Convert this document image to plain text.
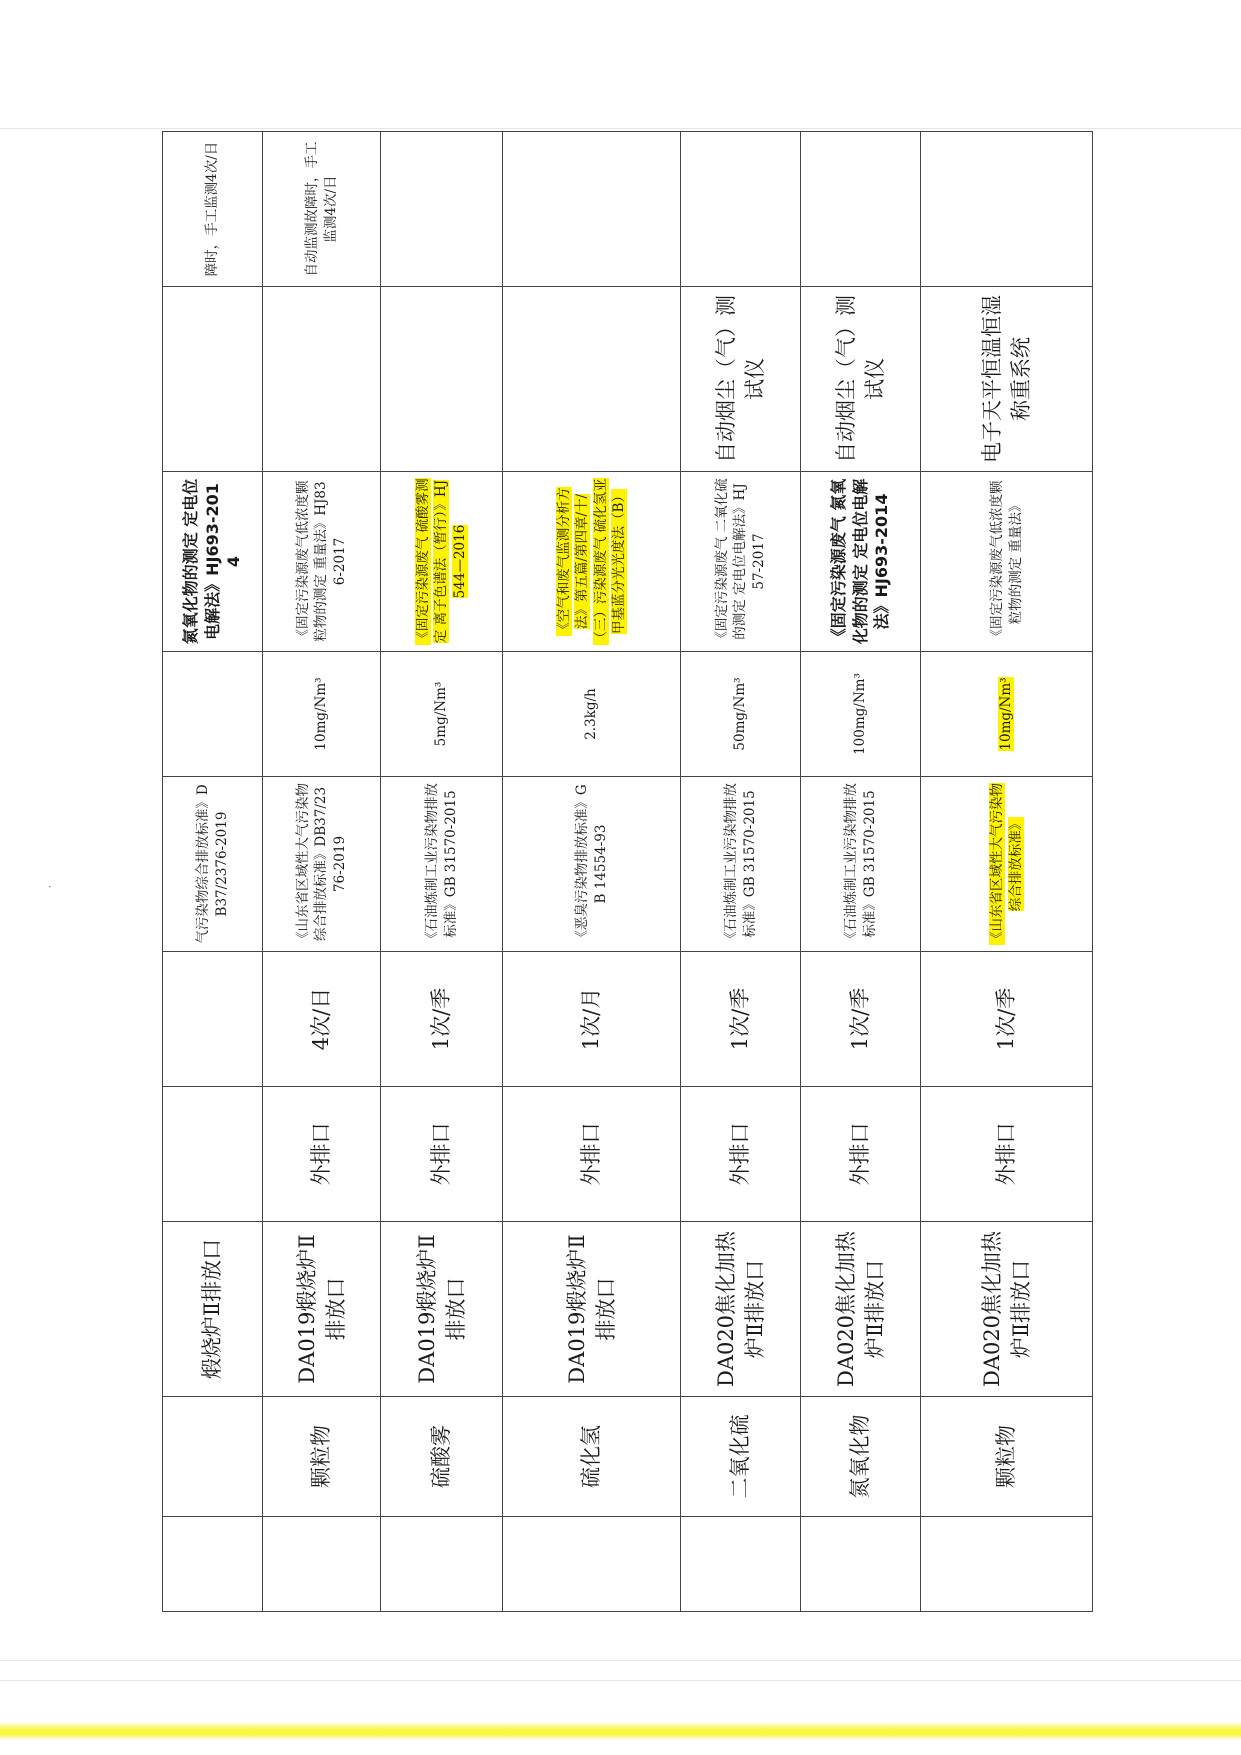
·
		煅烧炉Ⅱ排放口			气污染物综合排放标准》DB37/2376-2019		氮氧化物的测定 定电位电解法》HJ693-2014		障时，手工监测4次/日
	颗粒物	DA019煅烧炉Ⅱ排放口	外排口	4次/日	《山东省区域性大气污染物综合排放标准》DB37/2376-2019	10mg/Nm³	《固定污染源废气低浓度颗粒物的测定 重量法》HJ836-2017		自动监测故障时，手工监测4次/日
	硫酸雾	DA019煅烧炉Ⅱ排放口	外排口	1次/季	《石油炼制工业污染物排放标准》GB 31570-2015	5mg/Nm³	《固定污染源废气 硫酸雾测定 离子色谱法（暂行）》HJ 544—2016		
	硫化氢	DA019煅烧炉Ⅱ排放口	外排口	1次/月	《恶臭污染物排放标准》GB 14554-93	2.3kg/h	《空气和废气监测分析方法》第五篇/第四章/十/（三）污染源废气 硫化氢亚甲基蓝分光光度法（B）		
	二氧化硫	DA020焦化加热炉Ⅱ排放口	外排口	1次/季	《石油炼制工业污染物排放标准》GB 31570-2015	50mg/Nm³	《固定污染源废气 二氧化硫的测定 定电位电解法》HJ 57-2017	自动烟尘（气）测试仪	
	氮氧化物	DA020焦化加热炉Ⅱ排放口	外排口	1次/季	《石油炼制工业污染物排放标准》GB 31570-2015	100mg/Nm³	《固定污染源废气 氮氧化物的测定 定电位电解法》HJ693-2014	自动烟尘（气）测试仪	
	颗粒物	DA020焦化加热炉Ⅱ排放口	外排口	1次/季	《山东省区域性大气污染物综合排放标准》	10mg/Nm³	《固定污染源废气低浓度颗粒物的测定 重量法》	电子天平恒温恒湿称重系统	
